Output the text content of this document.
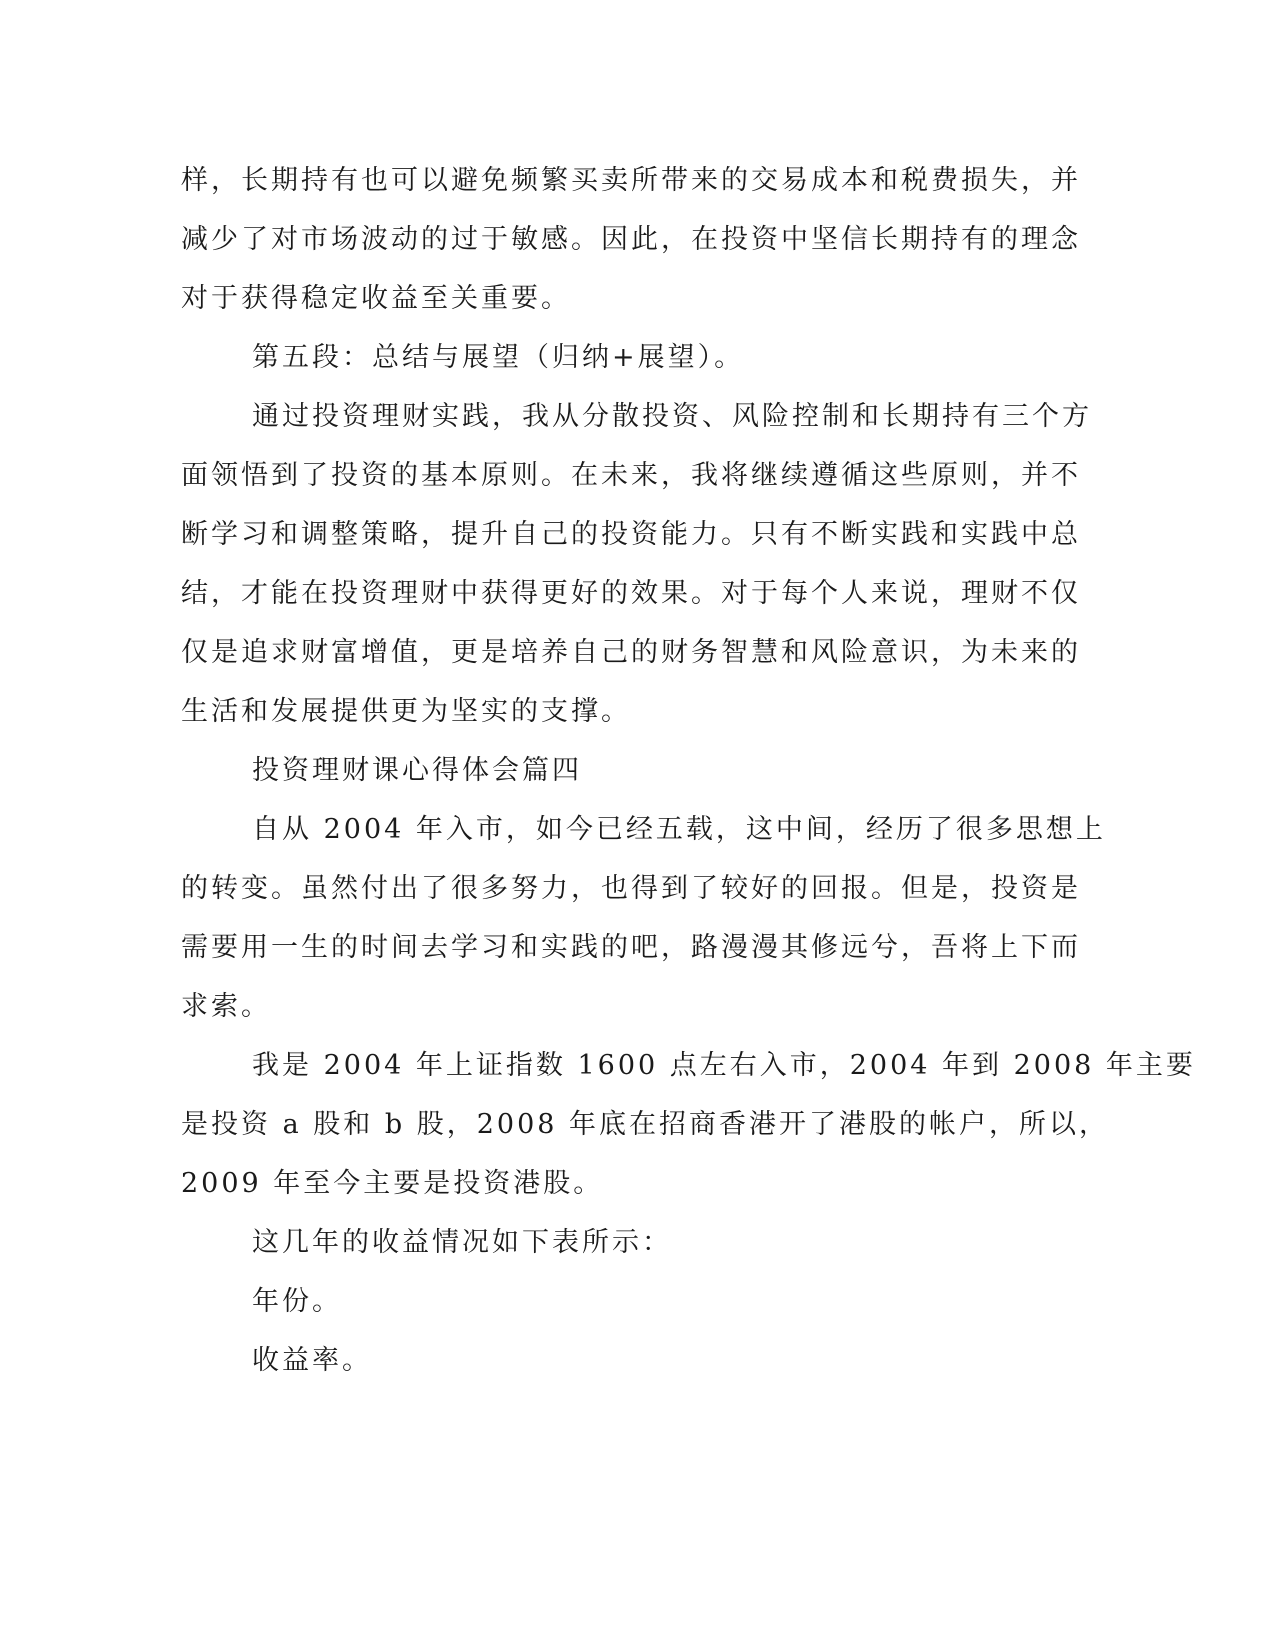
样，长期持有也可以避免频繁买卖所带来的交易成本和税费损失，并
减少了对市场波动的过于敏感。因此，在投资中坚信长期持有的理念
对于获得稳定收益至关重要。
第五段：总结与展望（归纳+展望）。
通过投资理财实践，我从分散投资、风险控制和长期持有三个方
面领悟到了投资的基本原则。在未来，我将继续遵循这些原则，并不
断学习和调整策略，提升自己的投资能力。只有不断实践和实践中总
结，才能在投资理财中获得更好的效果。对于每个人来说，理财不仅
仅是追求财富增值，更是培养自己的财务智慧和风险意识，为未来的
生活和发展提供更为坚实的支撑。
投资理财课心得体会篇四
自从 2004 年入市，如今已经五载，这中间，经历了很多思想上
的转变。虽然付出了很多努力，也得到了较好的回报。但是，投资是
需要用一生的时间去学习和实践的吧，路漫漫其修远兮，吾将上下而
求索。
我是 2004 年上证指数 1600 点左右入市，2004 年到 2008 年主要
是投资 a 股和 b 股，2008 年底在招商香港开了港股的帐户，所以，
2009 年至今主要是投资港股。
这几年的收益情况如下表所示：
年份。
收益率。
